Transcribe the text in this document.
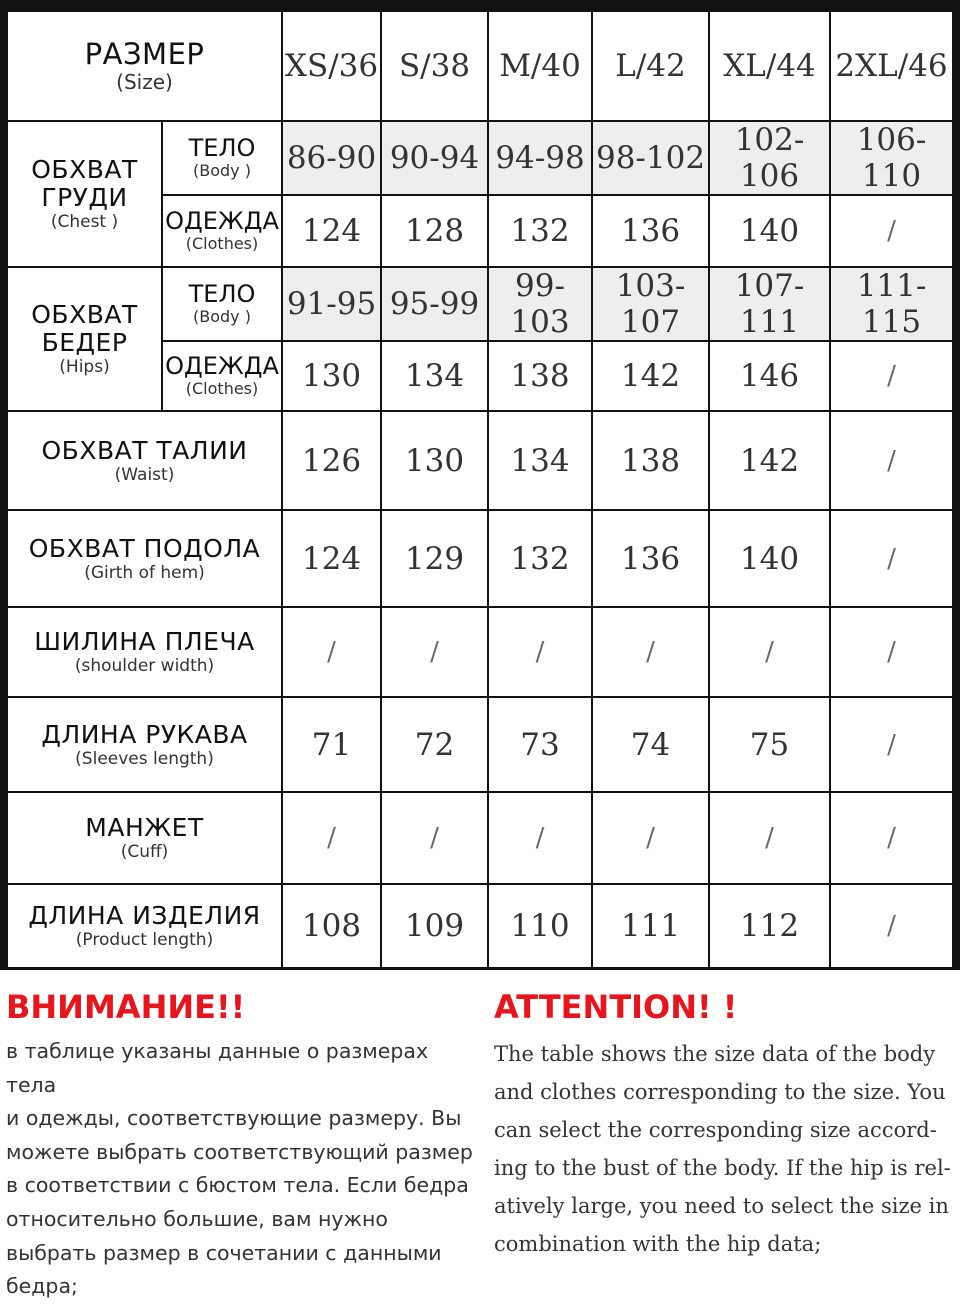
РАЗМЕР
(Size)		XS/36	S/38	M/40	L/42	XL/44	2XL/46

ОБХВАТ ГРУДИ
(Chest )	ТЕЛО
(Body )	86-90	90-94	94-98	98-102	102-106	106-110

	ОДЕЖДА
(Clothes)	124	128	132	136	140	/

ОБХВАТ БЕДЕР
(Hips)	ТЕЛО
(Body )	91-95	95-99	99-103	103-107	107-111	111-115

	ОДЕЖДА
(Clothes)	130	134	138	142	146	/

ОБХВАТ ТАЛИИ
(Waist)		126	130	134	138	142	/

ОБХВАТ ПОДОЛА
(Girth of hem)		124	129	132	136	140	/

ШИЛИНА ПЛЕЧА
(shoulder width)		/	/	/	/	/	/

ДЛИНА РУКАВА
(Sleeves length)		71	72	73	74	75	/

МАНЖЕТ
(Cuff)		/	/	/	/	/	/

ДЛИНА ИЗДЕЛИЯ
(Product length)		108	109	110	111	112	/
ВНИМАНИЕ!!

в таблице указаны данные о размерах тела
и одежды, соответствующие размеру. Вы
можете выбрать соответствующий размер
в соответствии с бюстом тела. Если бедра
относительно большие, вам нужно
выбрать размер в сочетании с данными
бедра;

ATTENTION! !

The table shows the size data of the body
and clothes corresponding to the size. You
can select the corresponding size accord-
ing to the bust of the body. If the hip is rel-
atively large, you need to select the size in
combination with the hip data;
